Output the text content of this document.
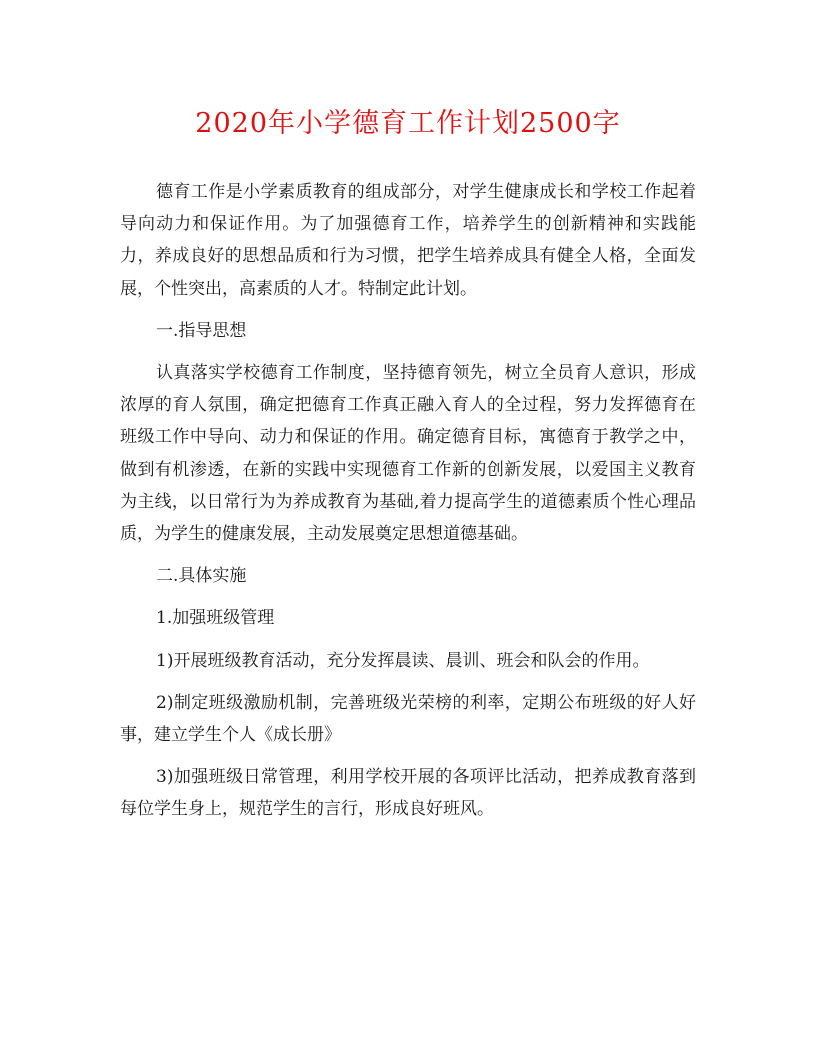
2020年小学德育工作计划2500字

德育工作是小学素质教育的组成部分，对学生健康成长和学校工作起着导向动力和保证作用。为了加强德育工作，培养学生的创新精神和实践能力，养成良好的思想品质和行为习惯，把学生培养成具有健全人格，全面发展，个性突出，高素质的人才。特制定此计划。

一.指导思想

认真落实学校德育工作制度，坚持德育领先，树立全员育人意识，形成浓厚的育人氛围，确定把德育工作真正融入育人的全过程，努力发挥德育在班级工作中导向、动力和保证的作用。确定德育目标，寓德育于教学之中，做到有机渗透，在新的实践中实现德育工作新的创新发展，以爱国主义教育为主线，以日常行为为养成教育为基础,着力提高学生的道德素质个性心理品质，为学生的健康发展，主动发展奠定思想道德基础。

二.具体实施

1.加强班级管理

1)开展班级教育活动，充分发挥晨读、晨训、班会和队会的作用。

2)制定班级激励机制，完善班级光荣榜的利率，定期公布班级的好人好事，建立学生个人《成长册》

3)加强班级日常管理，利用学校开展的各项评比活动，把养成教育落到每位学生身上，规范学生的言行，形成良好班风。
